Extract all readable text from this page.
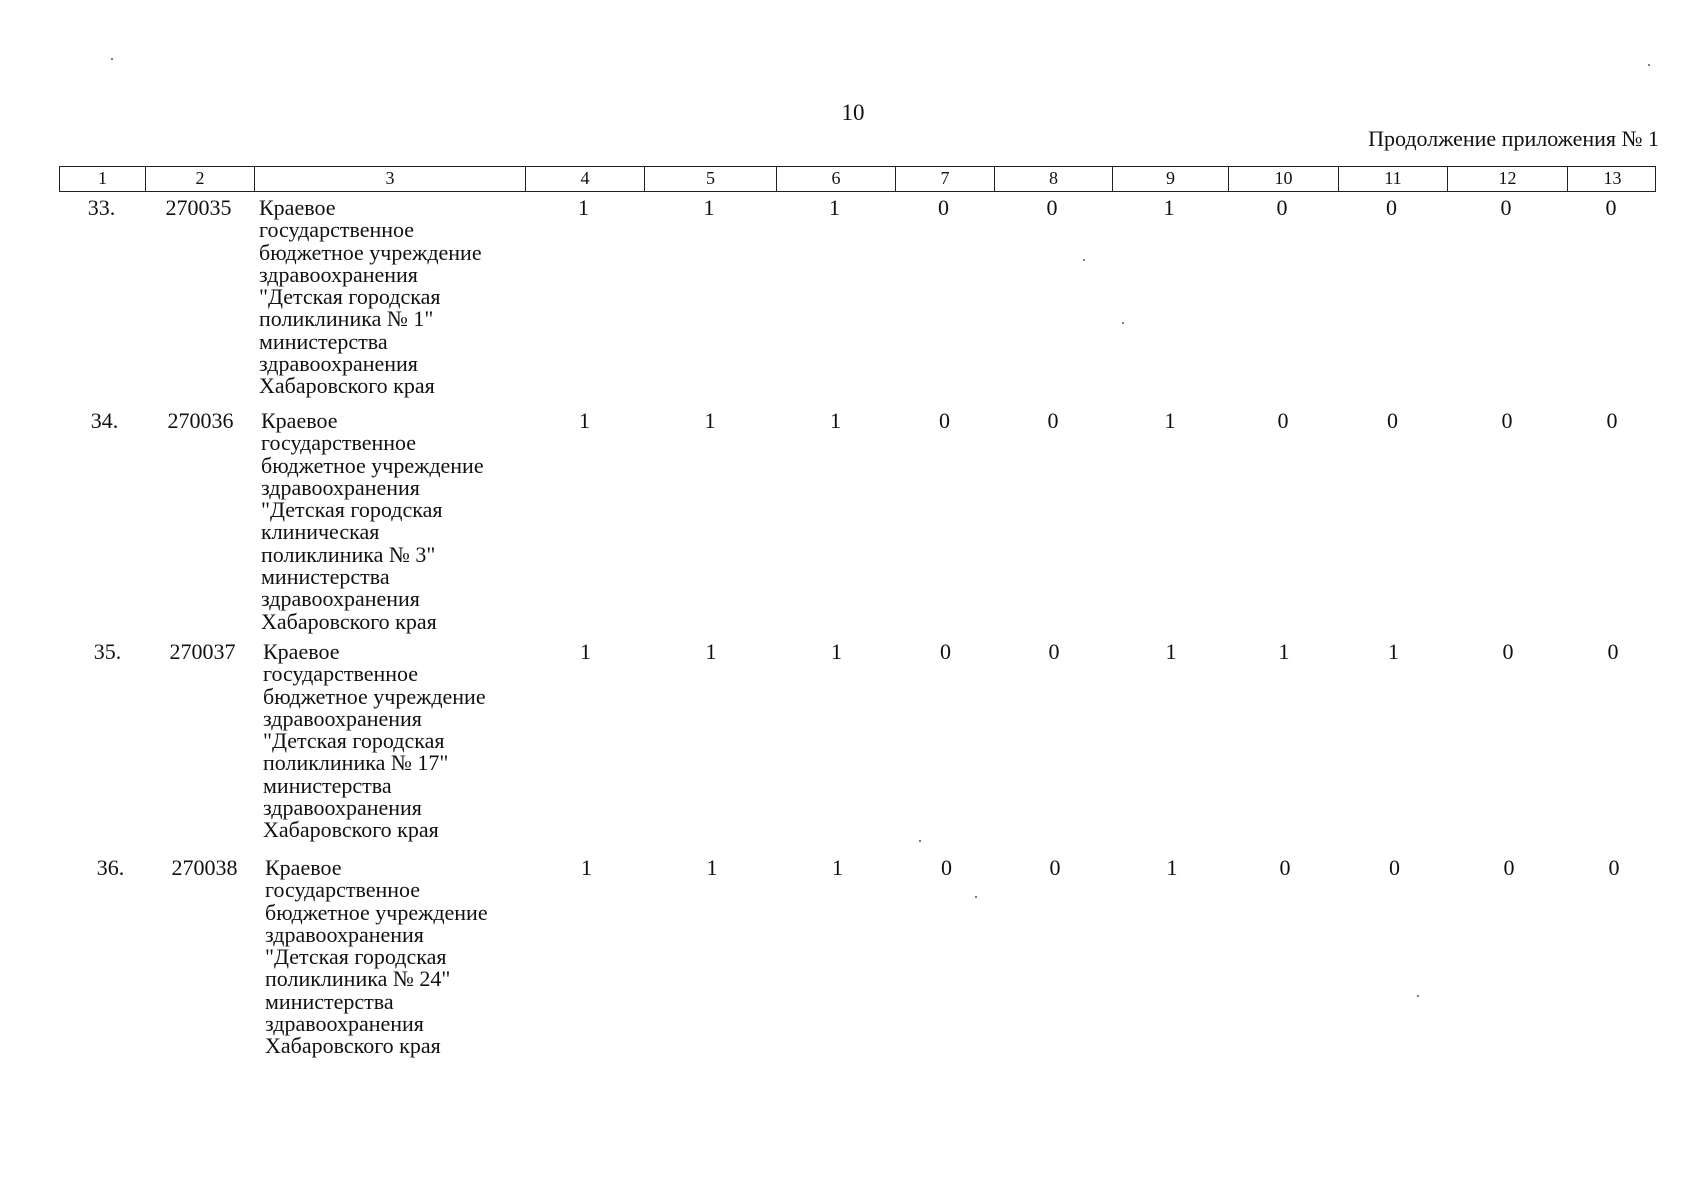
10
Продолжение приложения № 1
1	2	3	4	5	6	7	8	9	10	11	12	13
33.	270035	Краевое
государственное
бюджетное учреждение
здравоохранения
"Детская городская
поликлиника № 1"
министерства
здравоохранения
Хабаровского края
1	1	1	0	0	1	0	0	0	0
34.	270036	Краевое
государственное
бюджетное учреждение
здравоохранения
"Детская городская
клиническая
поликлиника № 3"
министерства
здравоохранения
Хабаровского края
1	1	1	0	0	1	0	0	0	0
35.	270037	Краевое
государственное
бюджетное учреждение
здравоохранения
"Детская городская
поликлиника № 17"
министерства
здравоохранения
Хабаровского края
1	1	1	0	0	1	1	1	0	0
36.	270038	Краевое
государственное
бюджетное учреждение
здравоохранения
"Детская городская
поликлиника № 24"
министерства
здравоохранения
Хабаровского края
1	1	1	0	0	1	0	0	0	0
